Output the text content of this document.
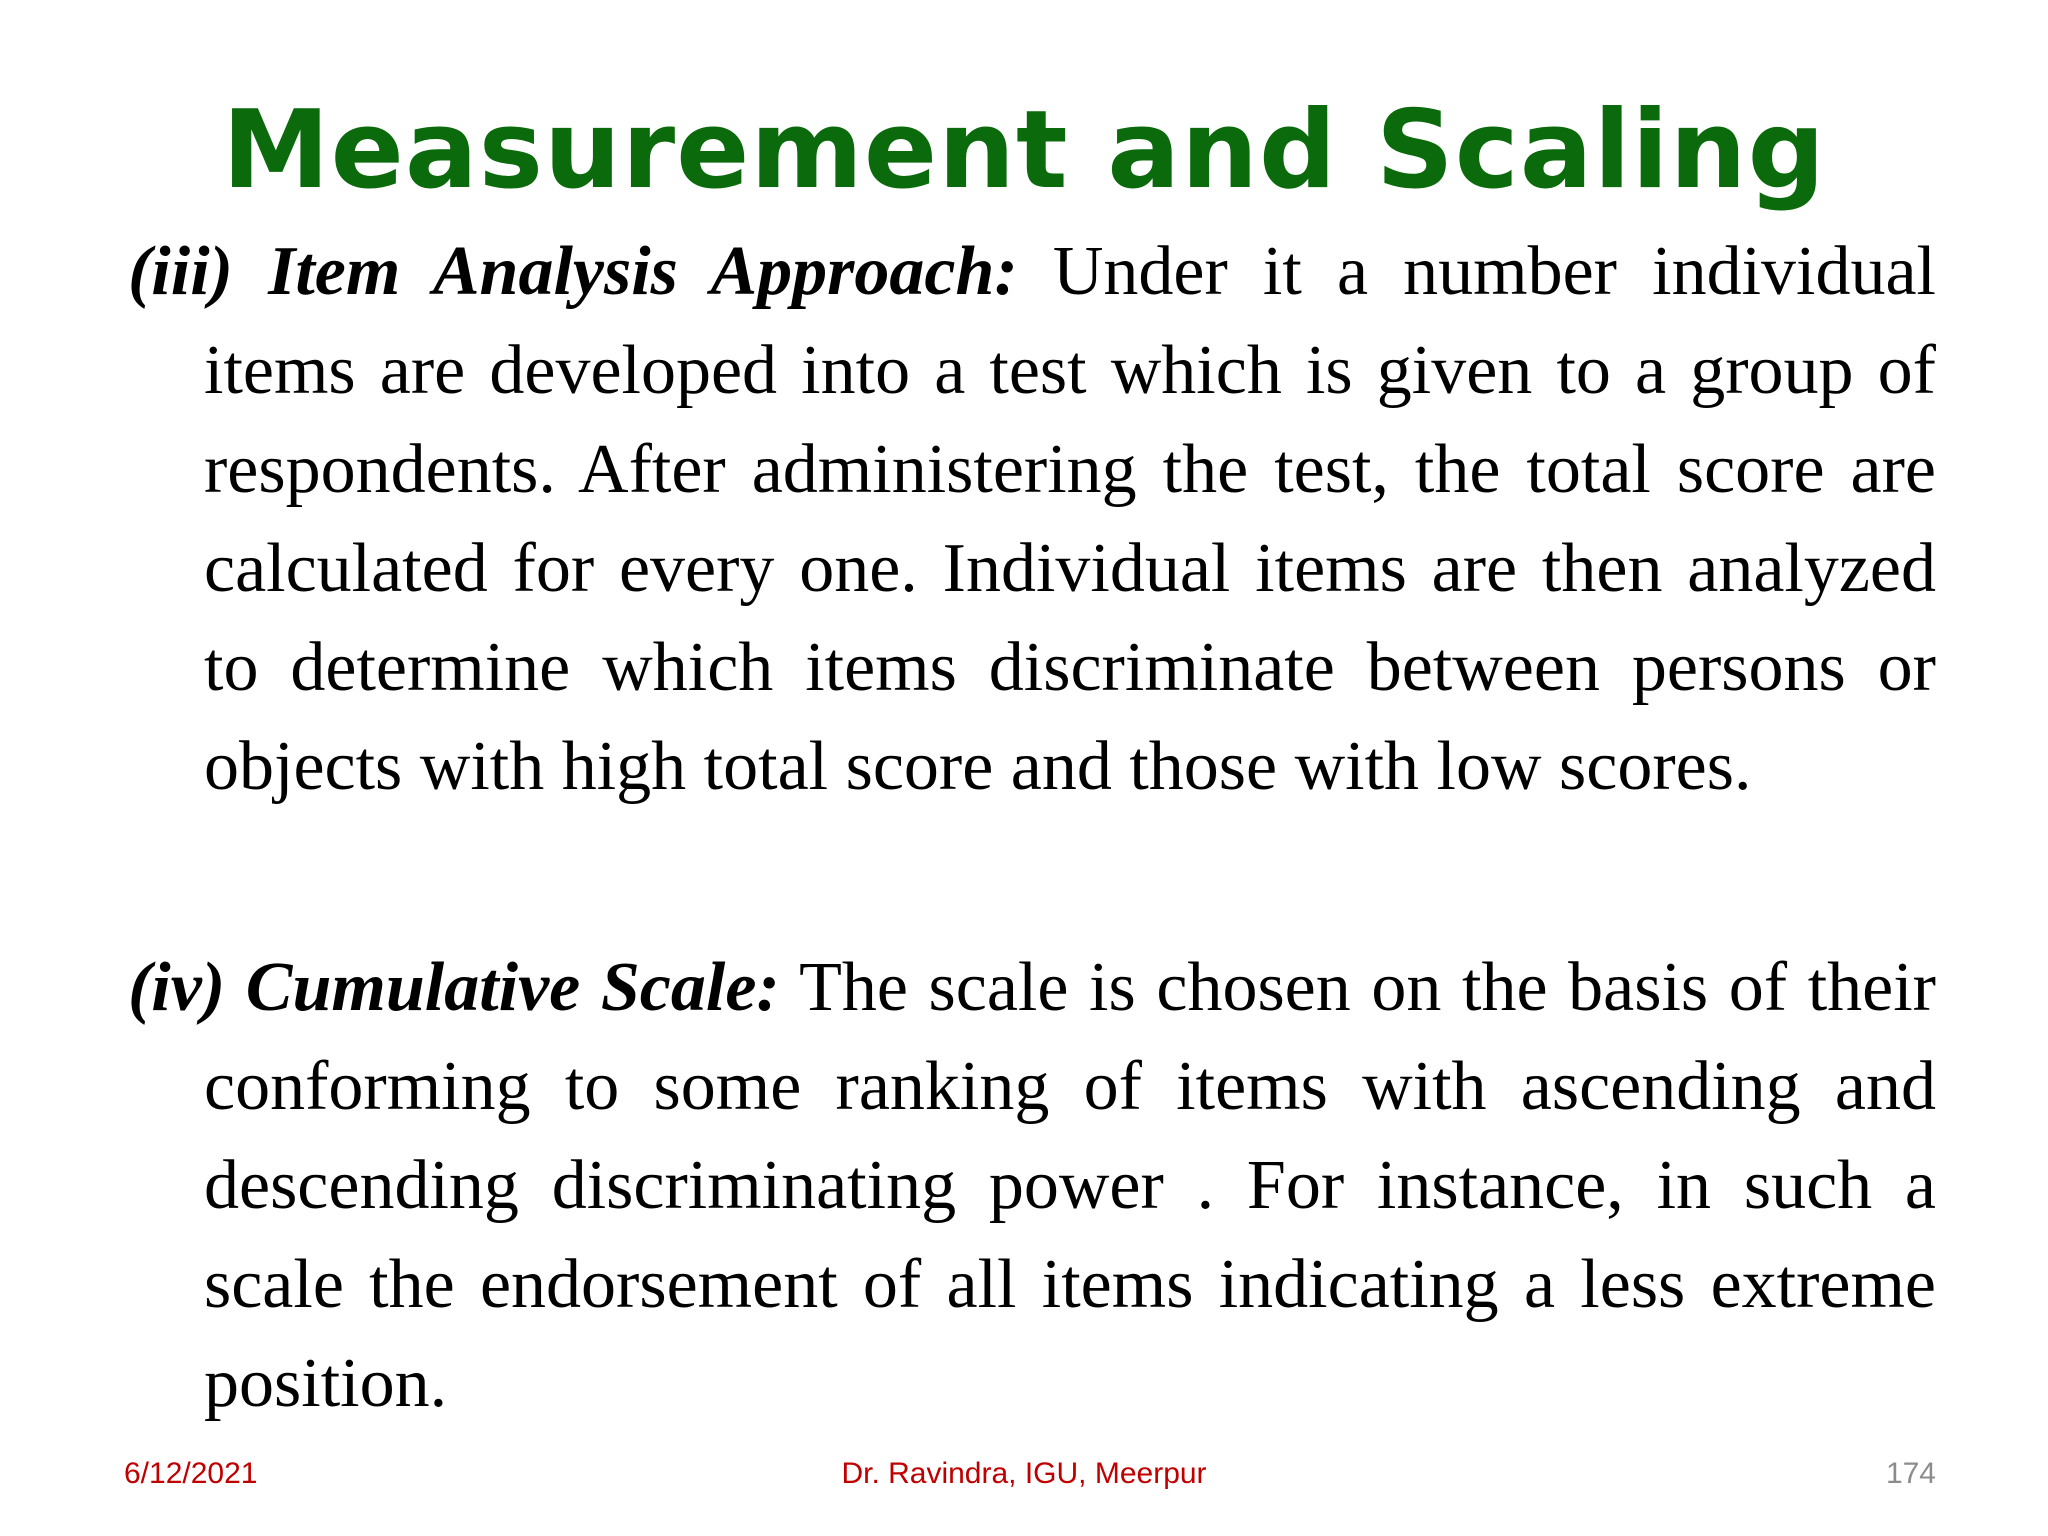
Measurement and Scaling

(iii) Item Analysis Approach: Under it a number individual items are developed into a test which is given to a group of respondents. After administering the test, the total score are calculated for every one. Individual items are then analyzed to determine which items discriminate between persons or objects with high total score and those with low scores.

(iv) Cumulative Scale: The scale is chosen on the basis of their conforming to some ranking of items with ascending and descending discriminating power . For instance, in such a scale the endorsement of all items indicating a less extreme position.

6/12/2021	Dr. Ravindra, IGU, Meerpur	174
